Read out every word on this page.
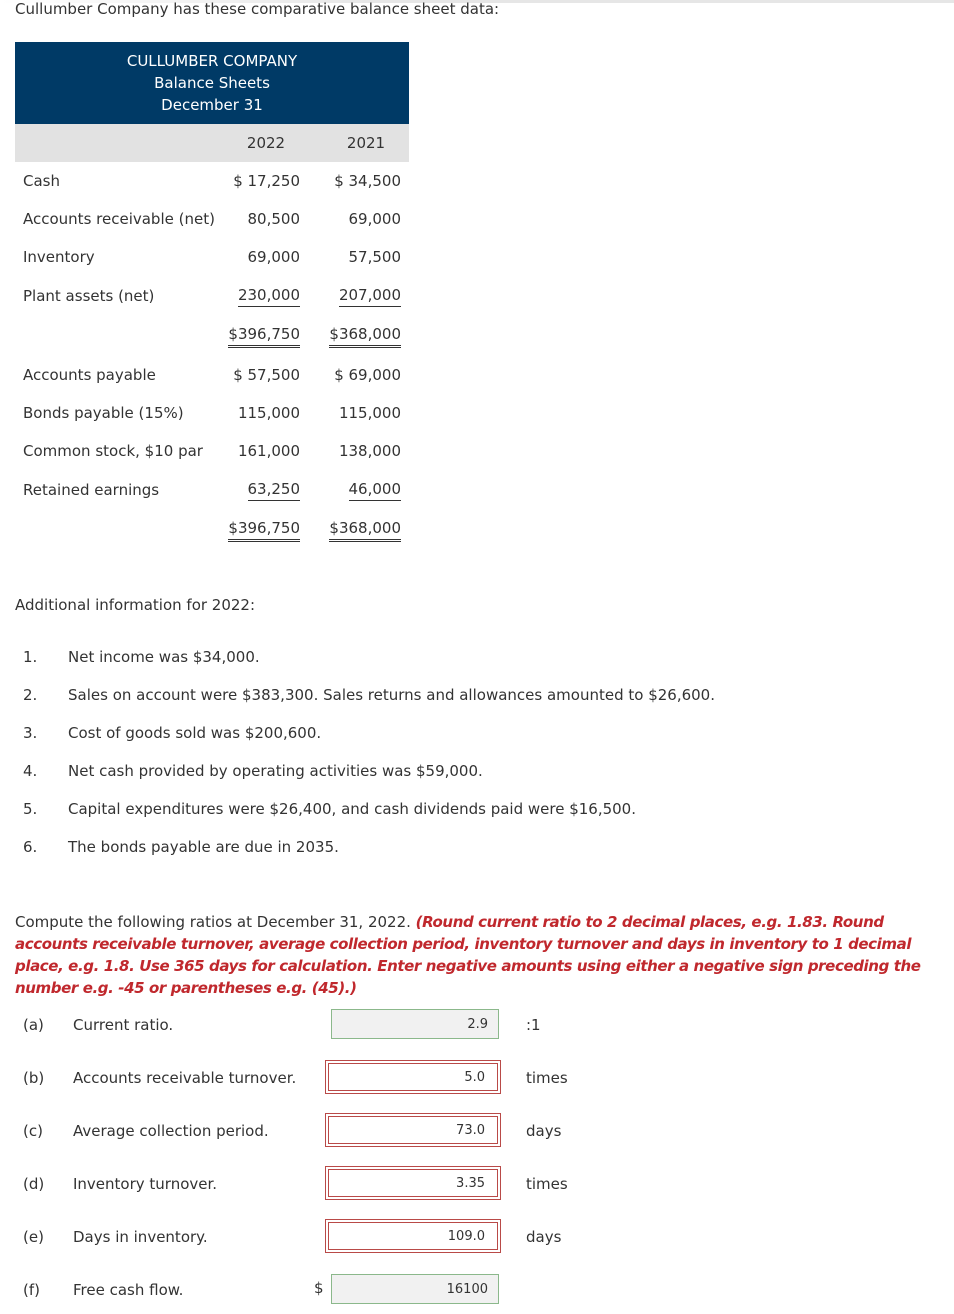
Cullumber Company has these comparative balance sheet data:
CULLUMBER COMPANY
Balance Sheets
December 31
2022	2021
Cash	$ 17,250 $ 34,500
Accounts receivable (net) 80,500	69,000
Inventory	69,000	57,500
Plant assets (net)	230,000	207,000
$396,750 $368,000
Accounts payable	$ 57,500 $ 69,000
Bonds payable (15%)	115,000	115,000
Common stock, $10 par 161,000	138,000
Retained earnings	63,250	46,000
$396,750 $368,000
Additional information for 2022:
1. Net income was $34,000.
2. Sales on account were $383,300. Sales returns and allowances amounted to $26,600.
3. Cost of goods sold was $200,600.
4. Net cash provided by operating activities was $59,000.
5. Capital expenditures were $26,400, and cash dividends paid were $16,500.
6. The bonds payable are due in 2035.
Compute the following ratios at December 31, 2022. (Round current ratio to 2 decimal places, e.g. 1.83. Round accounts receivable turnover, average collection period, inventory turnover and days in inventory to 1 decimal place, e.g. 1.8. Use 365 days for calculation. Enter negative amounts using either a negative sign preceding the number e.g. -45 or parentheses e.g. (45).)
(a) Current ratio.	2.9	:1
(b) Accounts receivable turnover.	5.0	times
(c) Average collection period.	73.0	days
(d) Inventory turnover.	3.35	times
(e) Days in inventory.	109.0	days
(f) Free cash flow.	$	16100
